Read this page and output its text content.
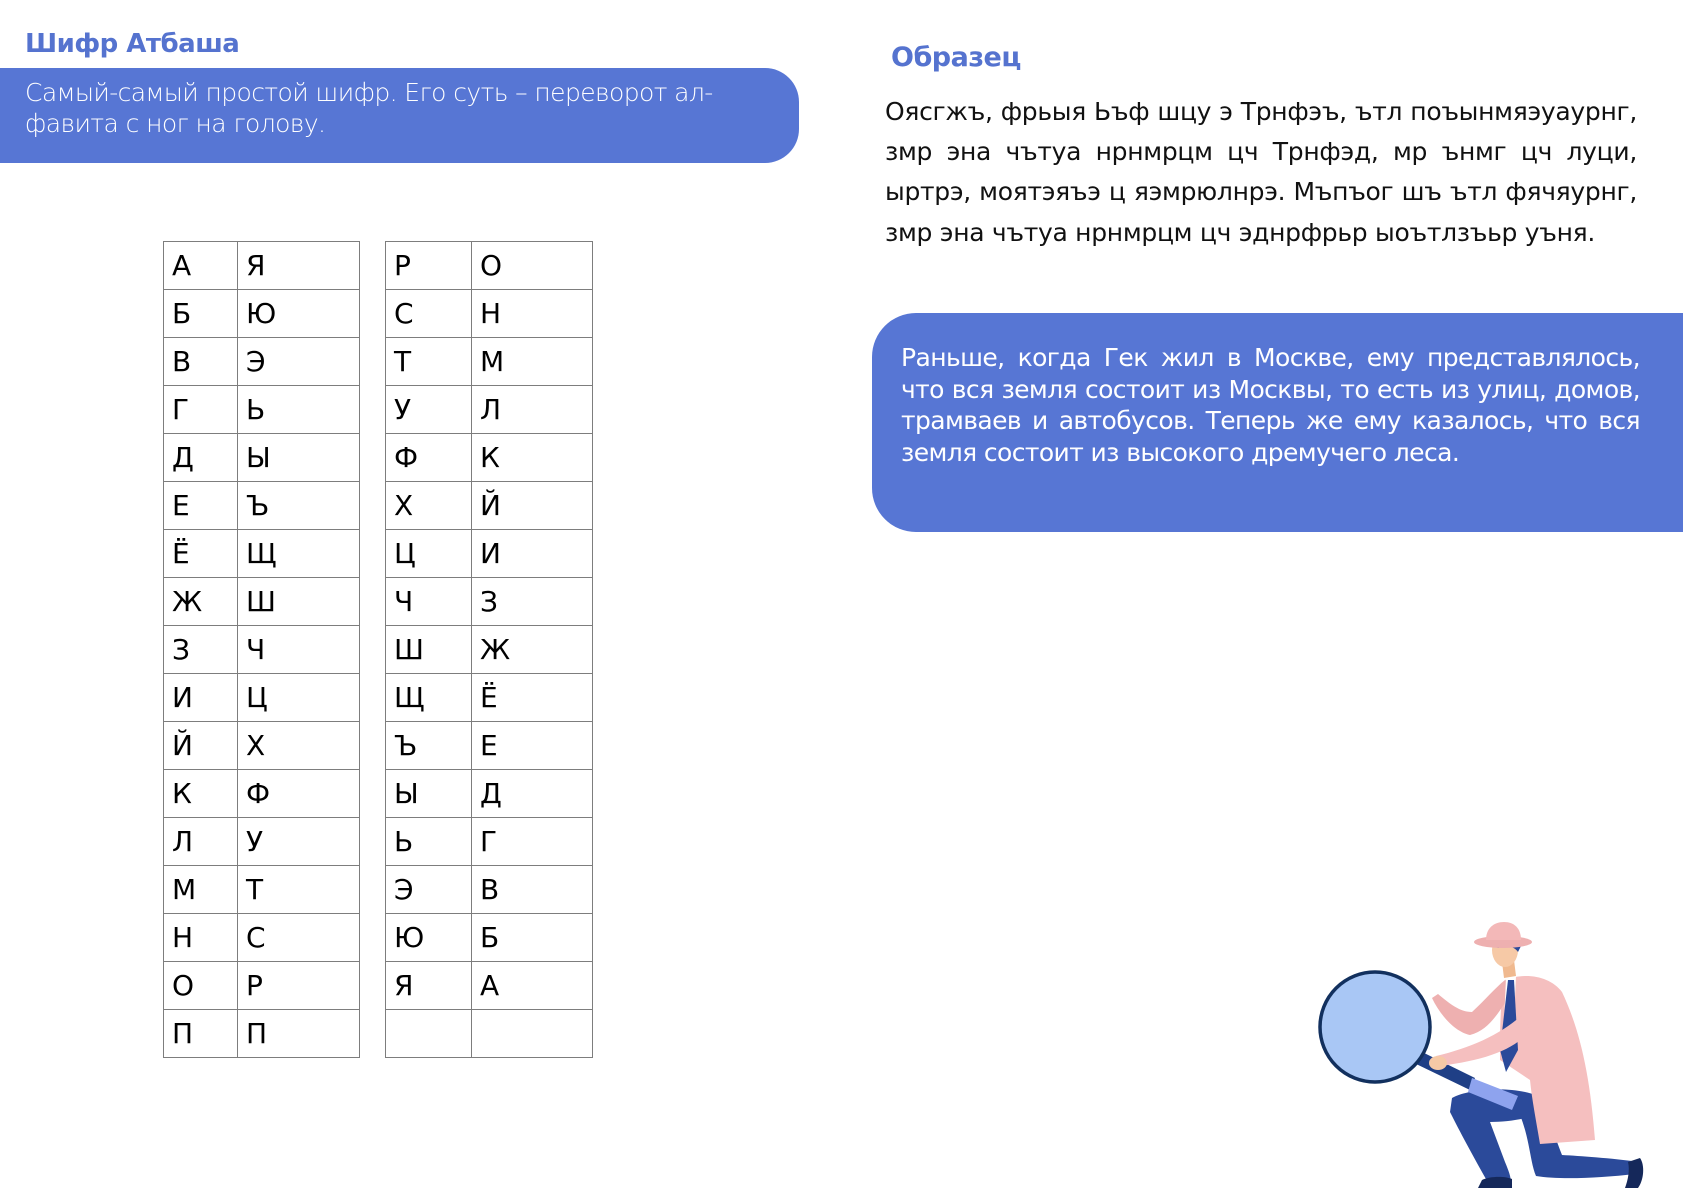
Шифр Атбаша
Самый-самый простой шифр. Его суть – переворот алфавита с ног на голову.
А	Я
Б	Ю
В	Э
Г	Ь
Д	Ы
Е	Ъ
Ё	Щ
Ж	Ш
З	Ч
И	Ц
Й	Х
К	Ф
Л	У
М	Т
Н	С
О	Р
П	П
Р	О
С	Н
Т	М
У	Л
Ф	К
Х	Й
Ц	И
Ч	З
Ш	Ж
Щ	Ё
Ъ	Е
Ы	Д
Ь	Г
Э	В
Ю	Б
Я	А

Образец

Оясгжъ, фрьыя Ьъф шцу э Трнфэъ, ътл поъынмяэуаурнг, змр эна чътуа нрнмрцм цч Трнфэд, мр ънмг цч луци, ыртрэ, моятэяъэ ц яэмрюлнрэ. Мъпъог шъ ътл фячяурнг, змр эна чътуа нрнмрцм цч эднрфрьр ыоътлзъьр уъня.

Раньше, когда Гек жил в Москве, ему представлялось, что вся земля состоит из Москвы, то есть из улиц, домов, трамваев и автобусов. Теперь же ему казалось, что вся земля состоит из высокого дремучего леса.
